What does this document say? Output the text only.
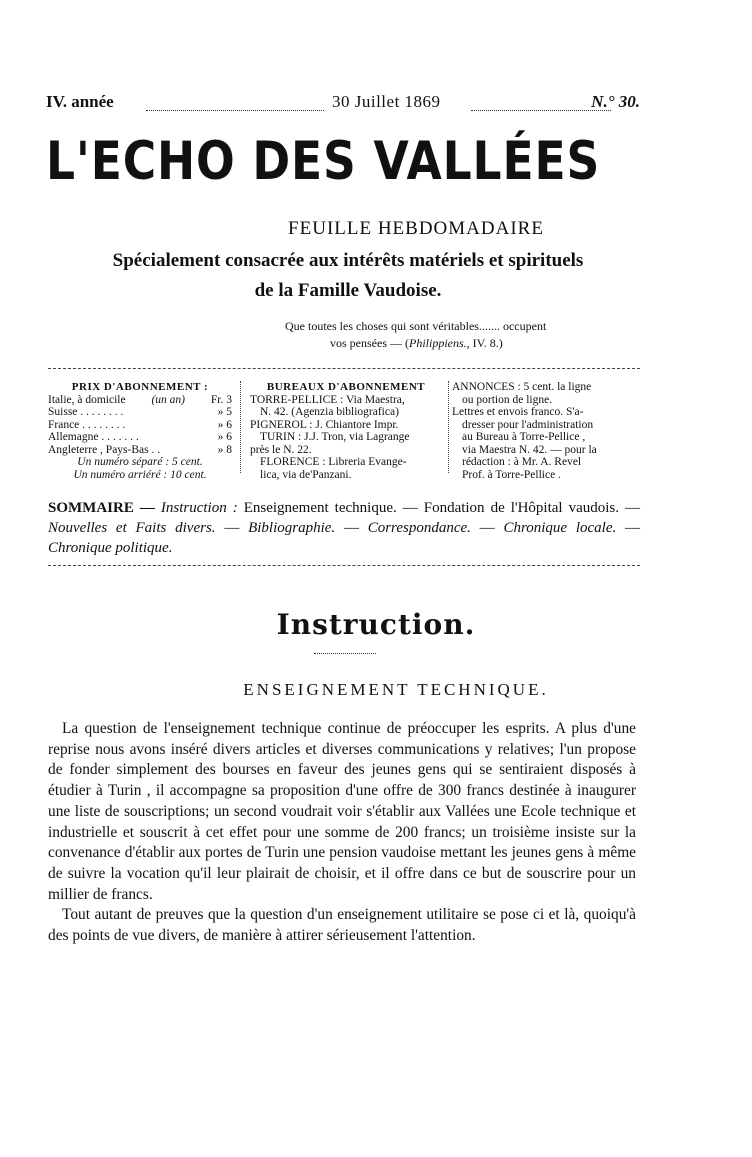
IV. année	30 Juillet 1869	N.° 30.
L'ECHO DES VALLÉES
FEUILLE HEBDOMADAIRE
Spécialement consacrée aux intérêts matériels et spirituels
de la Famille Vaudoise.
Que toutes les choses qui sont véritables....... occupent
vos pensées — (Philippiens., IV. 8.)
PRIX D'ABONNEMENT :
Italie, à domicile (un an) Fr. 3
Suisse . . . . . . . .	» 5
France . . . . . . . .	» 6
Allemagne . . . . . . .	» 6
Angleterre , Pays-Bas . .	» 8
Un numéro séparé : 5 cent.
Un numéro arriéré : 10 cent.
BUREAUX D'ABONNEMENT
TORRE-PELLICE : Via Maestra,
N. 42. (Agenzia bibliografica)
PIGNEROL : J. Chiantore Impr.
TURIN : J.J. Tron, via Lagrange
près le N. 22.
FLORENCE : Libreria Evange-
lica, via de'Panzani.
ANNONCES : 5 cent. la ligne
ou portion de ligne.
Lettres et envois franco. S'a-
dresser pour l'administration
au Bureau à Torre-Pellice ,
via Maestra N. 42. — pour la
rédaction : à Mr. A. Revel
Prof. à Torre-Pellice .
SOMMAIRE — Instruction : Enseignement technique. — Fondation de l'Hôpital vaudois. — Nouvelles et Faits divers. — Bibliographie. — Correspondance. — Chronique locale. — Chronique politique.
Instruction.
ENSEIGNEMENT TECHNIQUE.

La question de l'enseignement technique continue de préoccuper les esprits. A plus d'une reprise nous avons inséré divers articles et diverses communications y relatives; l'un propose de fonder simplement des bourses en faveur des jeunes gens qui se sentiraient disposés à étudier à Turin , il accompagne sa proposition d'une offre de 300 francs destinée à inaugurer une liste de souscriptions; un second voudrait voir s'établir aux Vallées une Ecole technique et industrielle et souscrit à cet effet pour une somme de 200 francs; un troisième insiste sur la convenance d'établir aux portes de Turin une pension vaudoise mettant les jeunes gens à même de suivre la vocation qu'il leur plairait de choisir, et il offre dans ce but de souscrire pour un millier de francs.

Tout autant de preuves que la question d'un enseignement utilitaire se pose ci et là, quoiqu'à des points de vue divers, de manière à attirer sérieusement l'attention.
